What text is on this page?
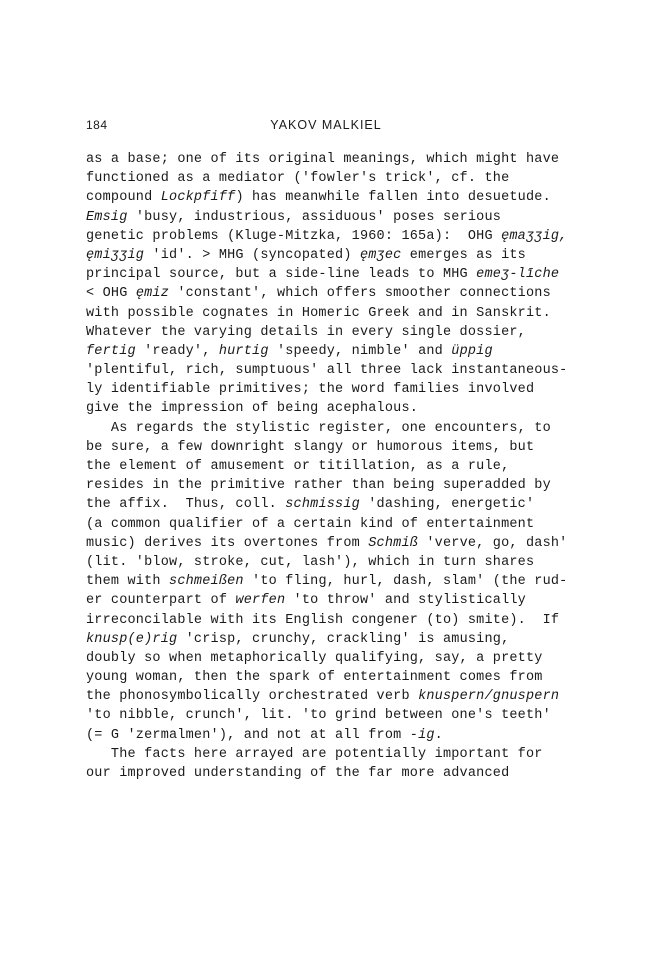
184	YAKOV MALKIEL
as a base; one of its original meanings, which might have
functioned as a mediator ('fowler's trick', cf. the
compound Lockpfiff) has meanwhile fallen into desuetude.
Emsig 'busy, industrious, assiduous' poses serious
genetic problems (Kluge-Mitzka, 1960: 165a):  OHG ęmaʒʒig,
ęmiʒʒig 'id'. > MHG (syncopated) ęmʒec emerges as its
principal source, but a side-line leads to MHG emeʒ-līche
< OHG ęmiz 'constant', which offers smoother connections
with possible cognates in Homeric Greek and in Sanskrit.
Whatever the varying details in every single dossier,
fertig 'ready', hurtig 'speedy, nimble' and üppig
'plentiful, rich, sumptuous' all three lack instantaneous-
ly identifiable primitives; the word families involved
give the impression of being acephalous.
As regards the stylistic register, one encounters, to
be sure, a few downright slangy or humorous items, but
the element of amusement or titillation, as a rule,
resides in the primitive rather than being superadded by
the affix.  Thus, coll. schmissig 'dashing, energetic'
(a common qualifier of a certain kind of entertainment
music) derives its overtones from Schmiß 'verve, go, dash'
(lit. 'blow, stroke, cut, lash'), which in turn shares
them with schmeißen 'to fling, hurl, dash, slam' (the rud-
er counterpart of werfen 'to throw' and stylistically
irreconcilable with its English congener (to) smite).  If
knusp(e)rig 'crisp, crunchy, crackling' is amusing,
doubly so when metaphorically qualifying, say, a pretty
young woman, then the spark of entertainment comes from
the phonosymbolically orchestrated verb knuspern/gnuspern
'to nibble, crunch', lit. 'to grind between one's teeth'
(= G 'zermalmen'), and not at all from -ig.
The facts here arrayed are potentially important for
our improved understanding of the far more advanced
